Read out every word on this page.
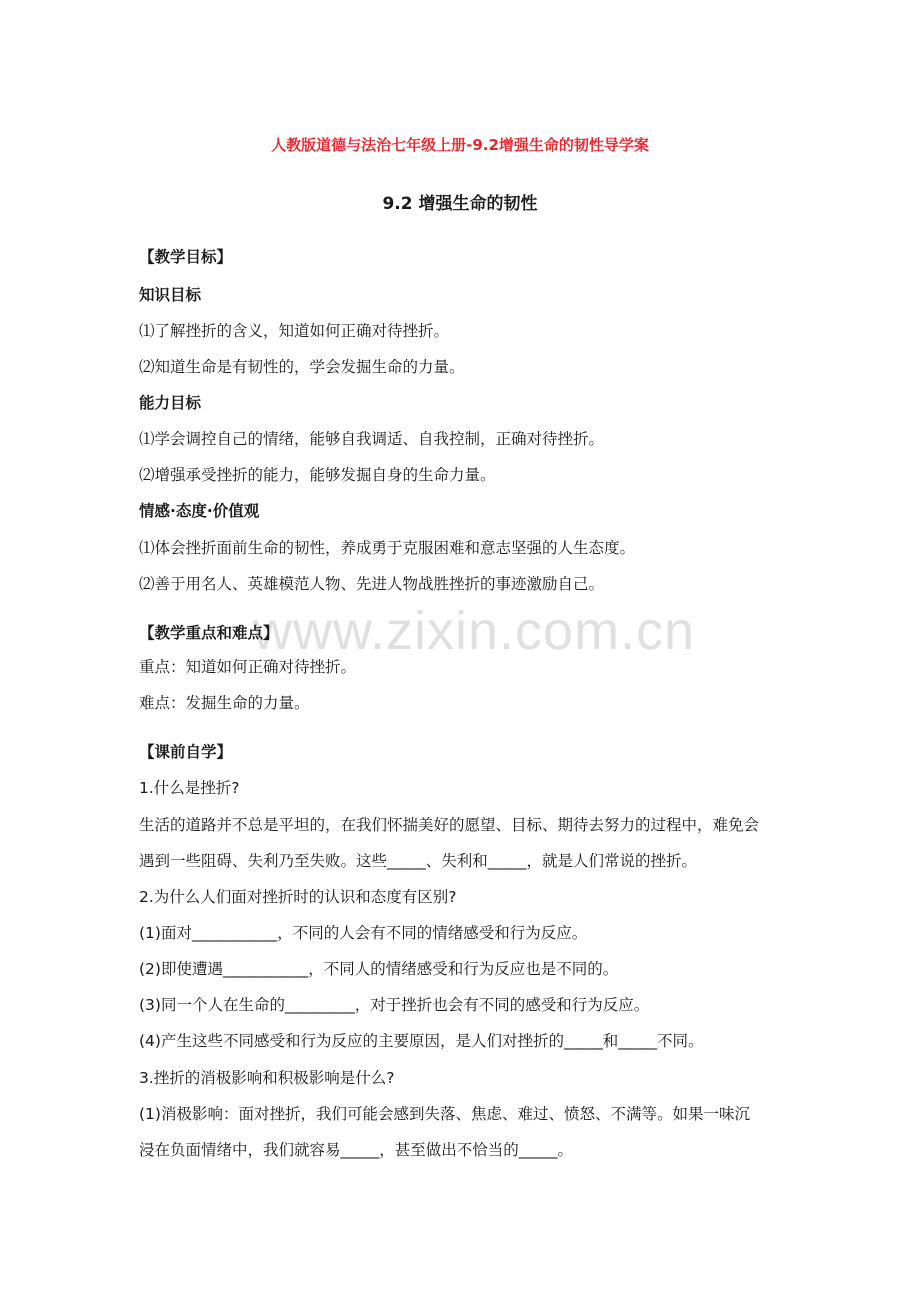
人教版道德与法治七年级上册-9.2增强生命的韧性导学案
9.2 增强生命的韧性
www.zixin.com.cn
【教学目标】
知识目标
⑴了解挫折的含义，知道如何正确对待挫折。
⑵知道生命是有韧性的，学会发掘生命的力量。
能力目标
⑴学会调控自己的情绪，能够自我调适、自我控制，正确对待挫折。
⑵增强承受挫折的能力，能够发掘自身的生命力量。
情感·态度·价值观
⑴体会挫折面前生命的韧性，养成勇于克服困难和意志坚强的人生态度。
⑵善于用名人、英雄模范人物、先进人物战胜挫折的事迹激励自己。
【教学重点和难点】
重点：知道如何正确对待挫折。
难点：发掘生命的力量。
【课前自学】
1.什么是挫折?
生活的道路并不总是平坦的，在我们怀揣美好的愿望、目标、期待去努力的过程中，难免会
遇到一些阻碍、失利乃至失败。这些_____、失利和_____，就是人们常说的挫折。
2.为什么人们面对挫折时的认识和态度有区别?
(1)面对___________，不同的人会有不同的情绪感受和行为反应。
(2)即使遭遇___________，不同人的情绪感受和行为反应也是不同的。
(3)同一个人在生命的_________，对于挫折也会有不同的感受和行为反应。
(4)产生这些不同感受和行为反应的主要原因，是人们对挫折的_____和_____不同。
3.挫折的消极影响和积极影响是什么?
(1)消极影响：面对挫折，我们可能会感到失落、焦虑、难过、愤怒、不满等。如果一味沉
浸在负面情绪中，我们就容易_____，甚至做出不恰当的_____。
